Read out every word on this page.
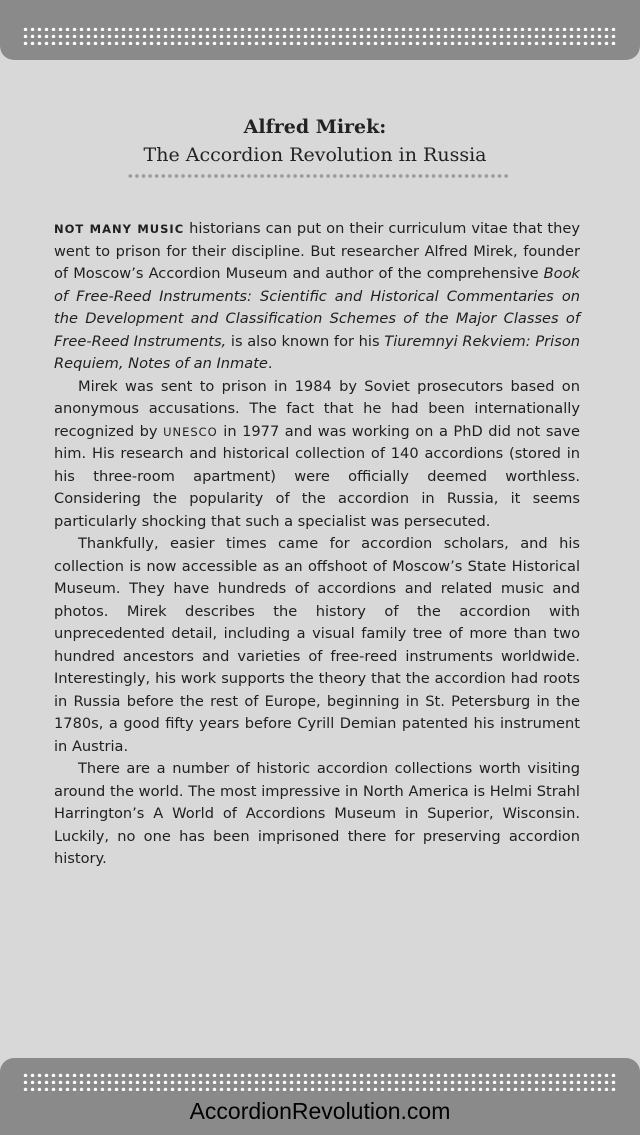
Alfred Mirek:
The Accordion Revolution in Russia

NOT MANY MUSIC historians can put on their curriculum vitae that they went to prison for their discipline. But researcher Alfred Mirek, founder of Moscow’s Accordion Museum and author of the comprehensive Book of Free-Reed Instruments: Scientific and Historical Commentaries on the Development and Classification Schemes of the Major Classes of Free-Reed Instruments, is also known for his Tiuremnyi Rekviem: Prison Requiem, Notes of an Inmate.

Mirek was sent to prison in 1984 by Soviet prosecutors based on anonymous accusations. The fact that he had been internationally recognized by UNESCO in 1977 and was working on a PhD did not save him. His research and historical collection of 140 accordions (stored in his three-room apartment) were officially deemed worthless. Considering the popularity of the accordion in Russia, it seems particularly shocking that such a specialist was persecuted.

Thankfully, easier times came for accordion scholars, and his collection is now accessible as an offshoot of Moscow’s State Historical Museum. They have hundreds of accordions and related music and photos. Mirek describes the history of the accordion with unprecedented detail, including a visual family tree of more than two hundred ancestors and varieties of free-reed instruments worldwide. Interestingly, his work supports the theory that the accordion had roots in Russia before the rest of Europe, beginning in St. Petersburg in the 1780s, a good fifty years before Cyrill Demian patented his instrument in Austria.

There are a number of historic accordion collections worth visiting around the world. The most impressive in North America is Helmi Strahl Harrington’s A World of Accordions Museum in Superior, Wisconsin. Luckily, no one has been imprisoned there for preserving accordion history.

AccordionRevolution.com
